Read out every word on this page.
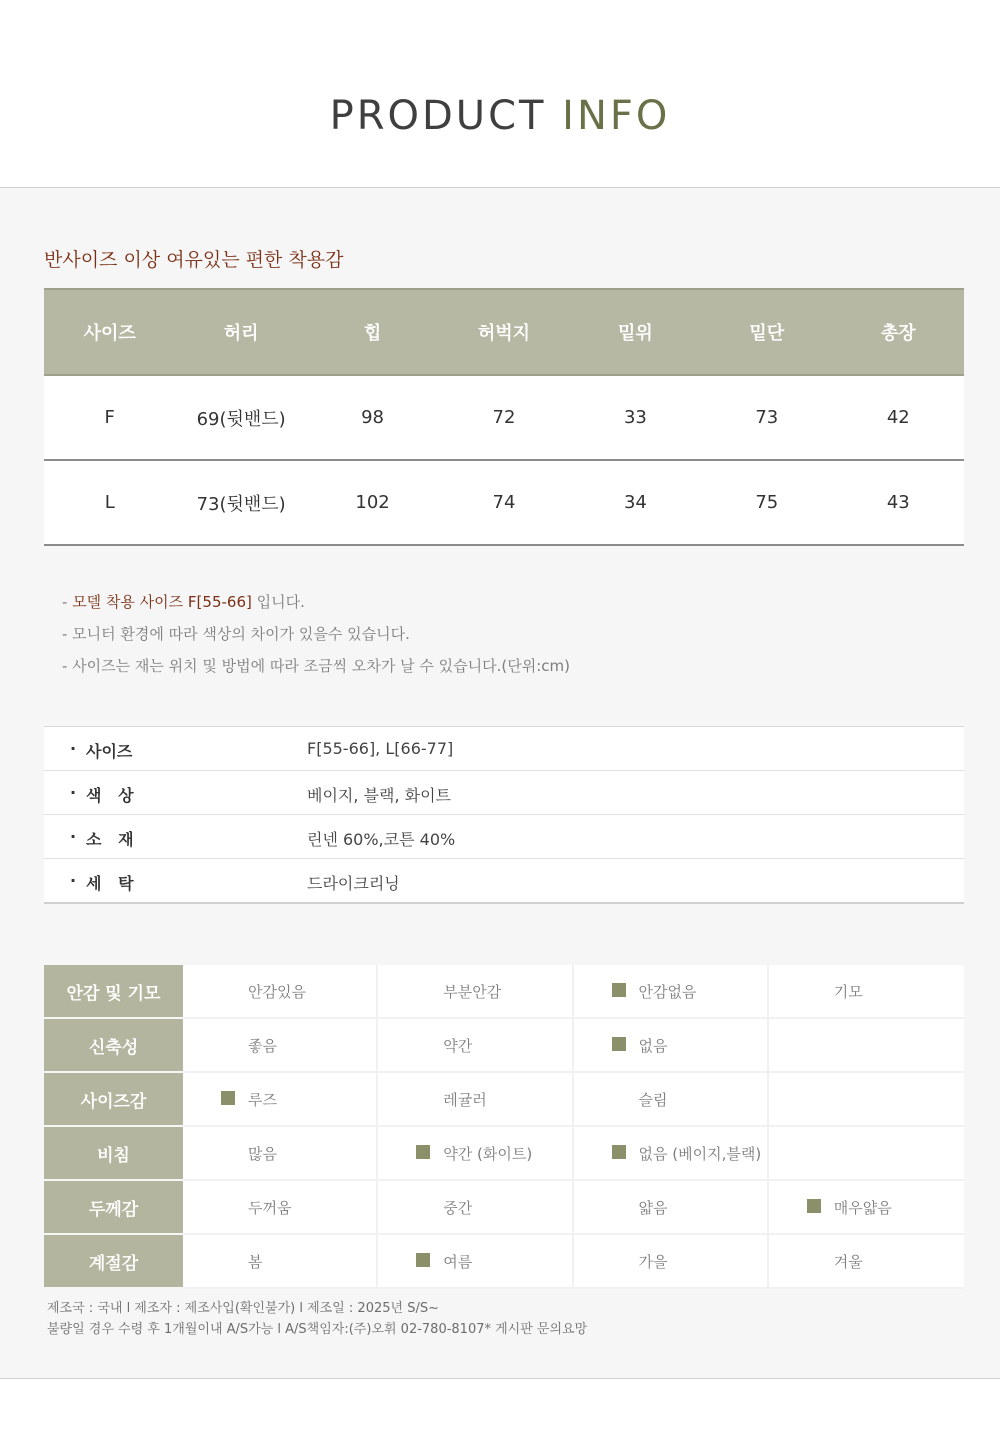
PRODUCT INFO
반사이즈 이상 여유있는 편한 착용감
사이즈	허리	힙	허벅지	밑위	밑단	총장
F	69(뒷밴드)	98	72	33	73	42
L	73(뒷밴드)	102	74	34	75	43
- 모델 착용 사이즈 F[55-66] 입니다.
- 모니터 환경에 따라 색상의 차이가 있을수 있습니다.
- 사이즈는 재는 위치 및 방법에 따라 조금씩 오차가 날 수 있습니다.(단위:cm)
· 사이즈	F[55-66], L[66-77]
· 색   상	베이지, 블랙, 화이트
· 소   재	린넨 60%,코튼 40%
· 세   탁	드라이크리닝
안감 및 기모	안감있음	부분안감	안감없음	기모
신축성	좋음	약간	없음	
사이즈감	루즈	레귤러	슬림	
비침	많음	약간 (화이트)	없음 (베이지,블랙)	
두께감	두꺼움	중간	얇음	매우얇음
계절감	봄	여름	가을	겨울
제조국 : 국내 l 제조자 : 제조사입(확인불가) l 제조일 : 2025년 S/S~
불량일 경우 수령 후 1개월이내 A/S가능 l A/S책임자:(주)오휘 02-780-8107* 게시판 문의요망
